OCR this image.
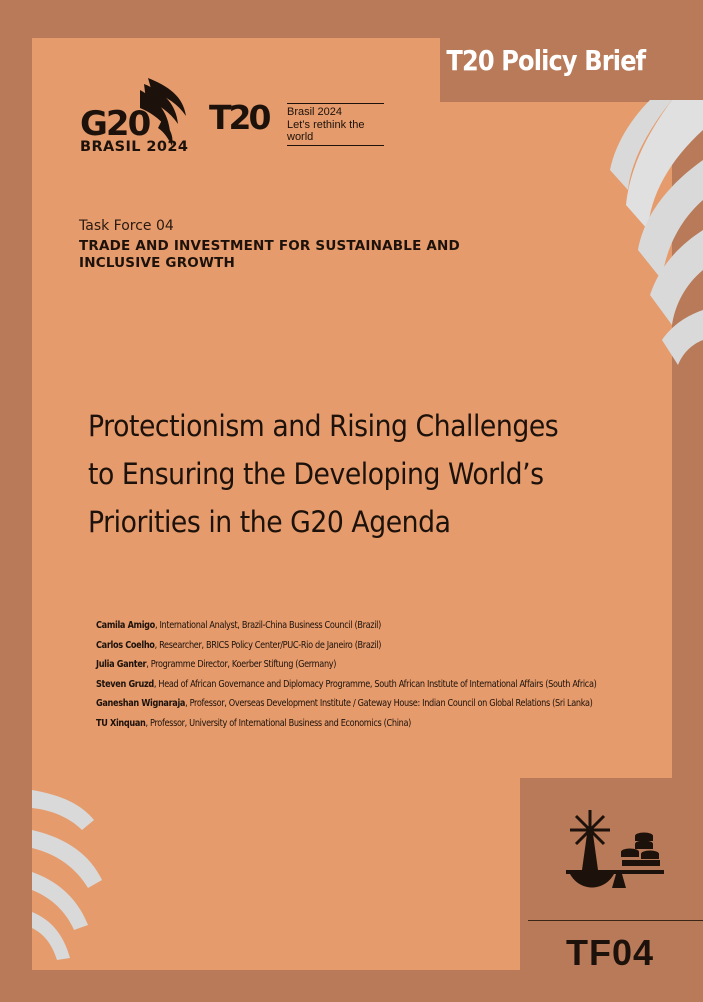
T20 Policy Brief
G20
BRASIL 2024
T20 Brasil 2024
Let’s rethink the world
Task Force 04
TRADE AND INVESTMENT FOR SUSTAINABLE AND
INCLUSIVE GROWTH
Protectionism and Rising Challenges
to Ensuring the Developing World’s
Priorities in the G20 Agenda
Camila Amigo, International Analyst, Brazil-China Business Council (Brazil)
Carlos Coelho, Researcher, BRICS Policy Center/PUC-Rio de Janeiro (Brazil)
Julia Ganter, Programme Director, Koerber Stiftung (Germany)
Steven Gruzd, Head of African Governance and Diplomacy Programme, South African Institute of International Affairs (South Africa)
Ganeshan Wignaraja, Professor, Overseas Development Institute / Gateway House: Indian Council on Global Relations (Sri Lanka)
TU Xinquan, Professor, University of International Business and Economics (China)
TF04
